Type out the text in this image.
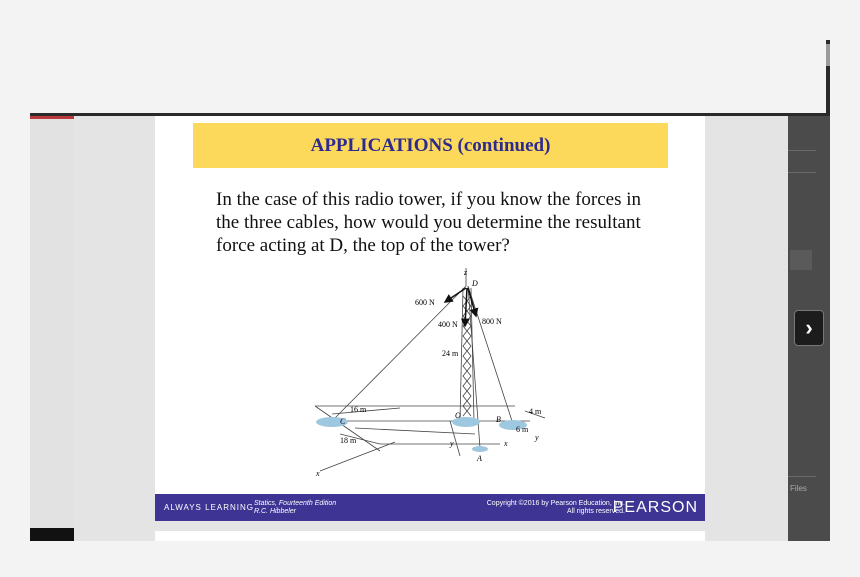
Files
APPLICATIONS (continued)
In the case of this radio tower, if you know the forces in the three cables, how would you determine the resultant force acting at D, the top of the tower?
z
D
600 N
400 N	800 N
24 m
16 m
C
O	B
4 m
6 m
18 m	y	x
y
A
x
ALWAYS LEARNING Statics, Fourteenth Edition
R.C. Hibbeler
Copyright ©2016 by Pearson Education, Inc.
All rights reserved.
PEARSON
›
